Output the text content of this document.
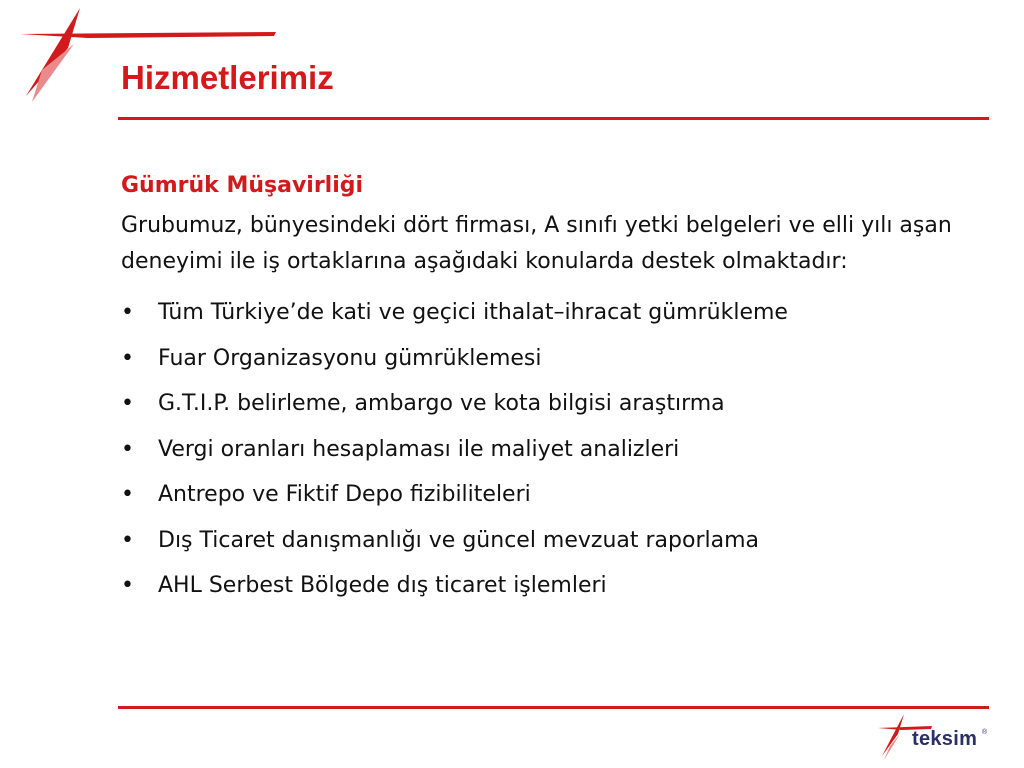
Hizmetlerimiz
Gümrük Müşavirliği

Grubumuz, bünyesindeki dört firması, A sınıfı yetki belgeleri ve elli yılı aşan deneyimi ile iş ortaklarına aşağıdaki konularda destek olmaktadır:

• Tüm Türkiye’de kati ve geçici ithalat–ihracat gümrükleme
• Fuar Organizasyonu gümrüklemesi
• G.T.I.P. belirleme, ambargo ve kota bilgisi araştırma
• Vergi oranları hesaplaması ile maliyet analizleri
• Antrepo ve Fiktif Depo fizibiliteleri
• Dış Ticaret danışmanlığı ve güncel mevzuat raporlama
• AHL Serbest Bölgede dış ticaret işlemleri
teksim ®
